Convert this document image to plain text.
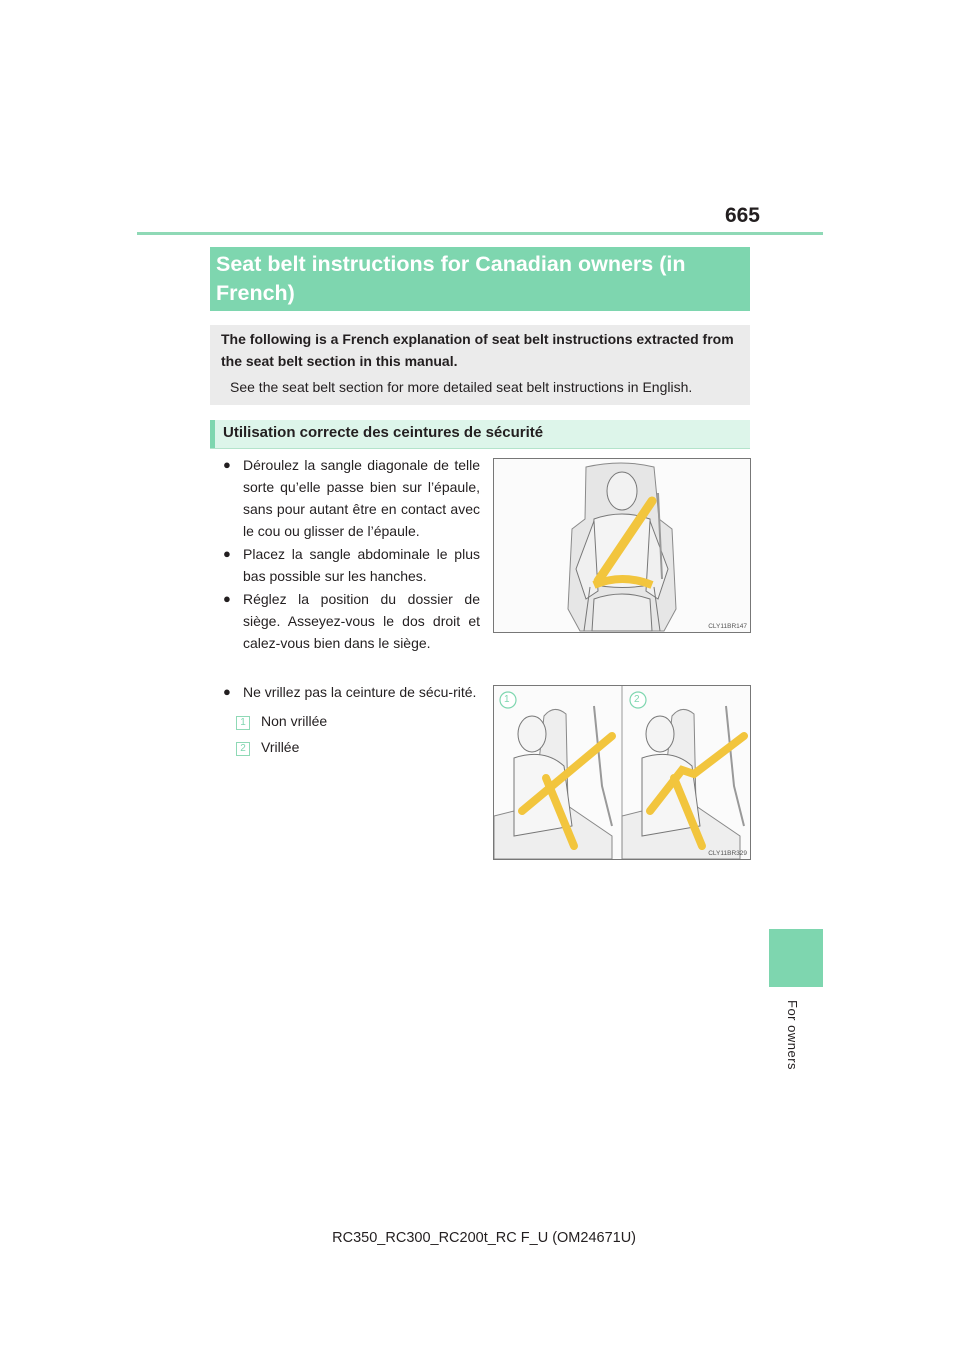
665
For owners
Seat belt instructions for Canadian owners (in French)
The following is a French explanation of seat belt instructions extracted from the seat belt section in this manual.
See the seat belt section for more detailed seat belt instructions in English.
Utilisation correcte des ceintures de sécurité
● Déroulez la sangle diagonale de telle sorte qu’elle passe bien sur l’épaule, sans pour autant être en contact avec le cou ou glisser de l’épaule.
● Placez la sangle abdominale le plus bas possible sur les hanches.
● Réglez la position du dossier de siège. Asseyez-vous le dos droit et calez-vous bien dans le siège.
● Ne vrillez pas la ceinture de sécu-rité.
1	Non vrillée
2	Vrillée
CLY11BR147
1	2
CLY11BR329
RC350_RC300_RC200t_RC F_U (OM24671U)
